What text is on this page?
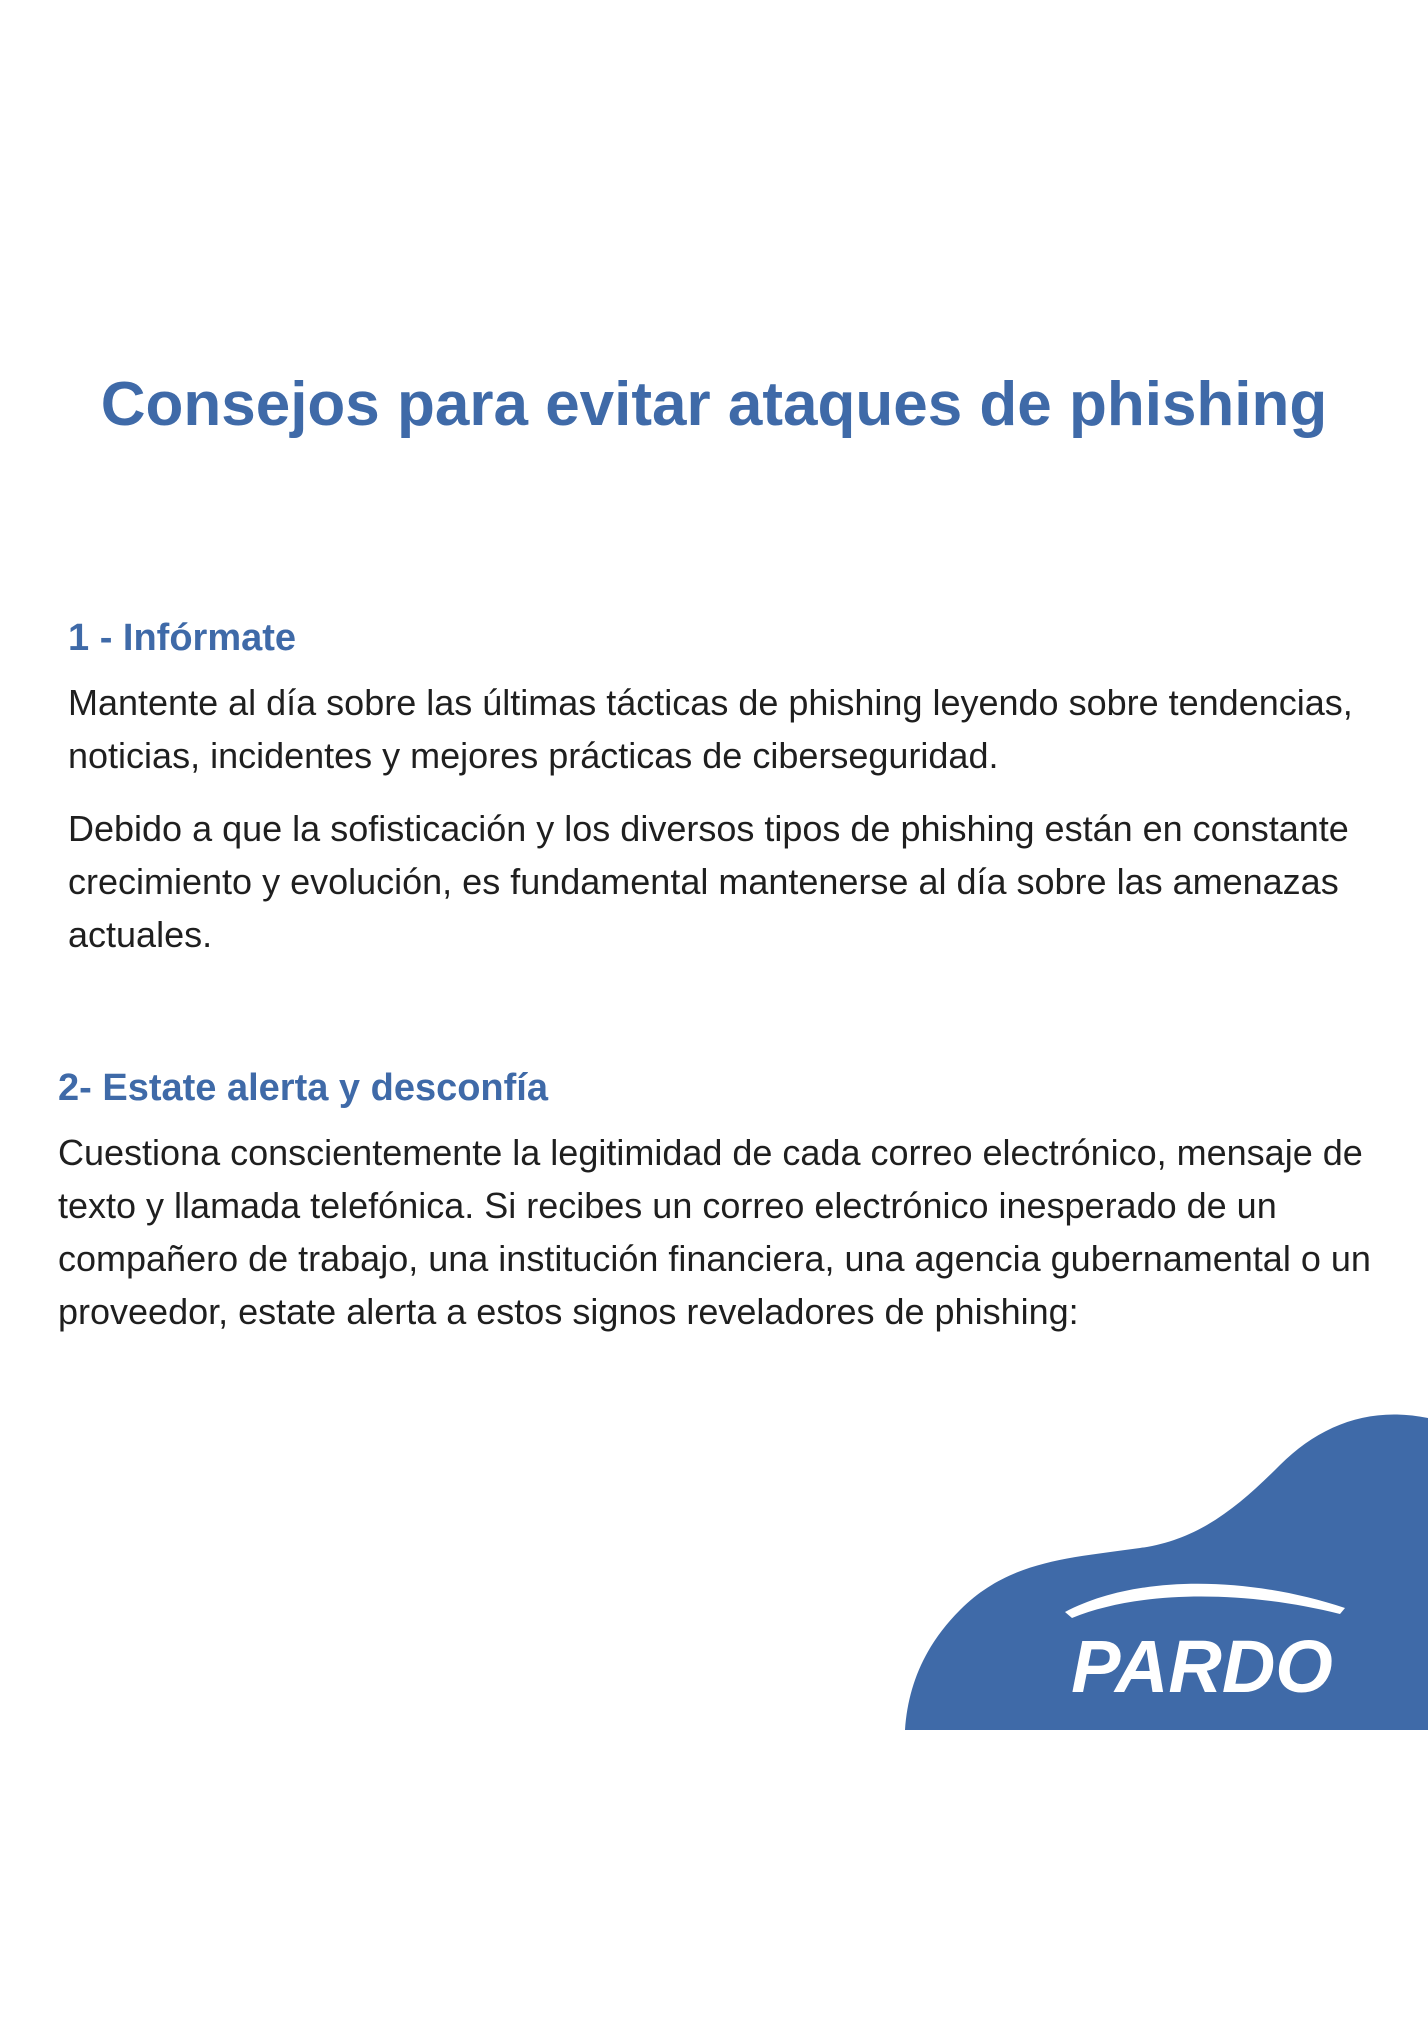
Consejos para evitar ataques de phishing
1 - Infórmate

Mantente al día sobre las últimas tácticas de phishing leyendo sobre tendencias, noticias, incidentes y mejores prácticas de ciberseguridad.

Debido a que la sofisticación y los diversos tipos de phishing están en constante crecimiento y evolución, es fundamental mantenerse al día sobre las amenazas actuales.

2- Estate alerta y desconfía

Cuestiona conscientemente la legitimidad de cada correo electrónico, mensaje de texto y llamada telefónica. Si recibes un correo electrónico inesperado de un compañero de trabajo, una institución financiera, una agencia gubernamental o un proveedor, estate alerta a estos signos reveladores de phishing:

PARDO
